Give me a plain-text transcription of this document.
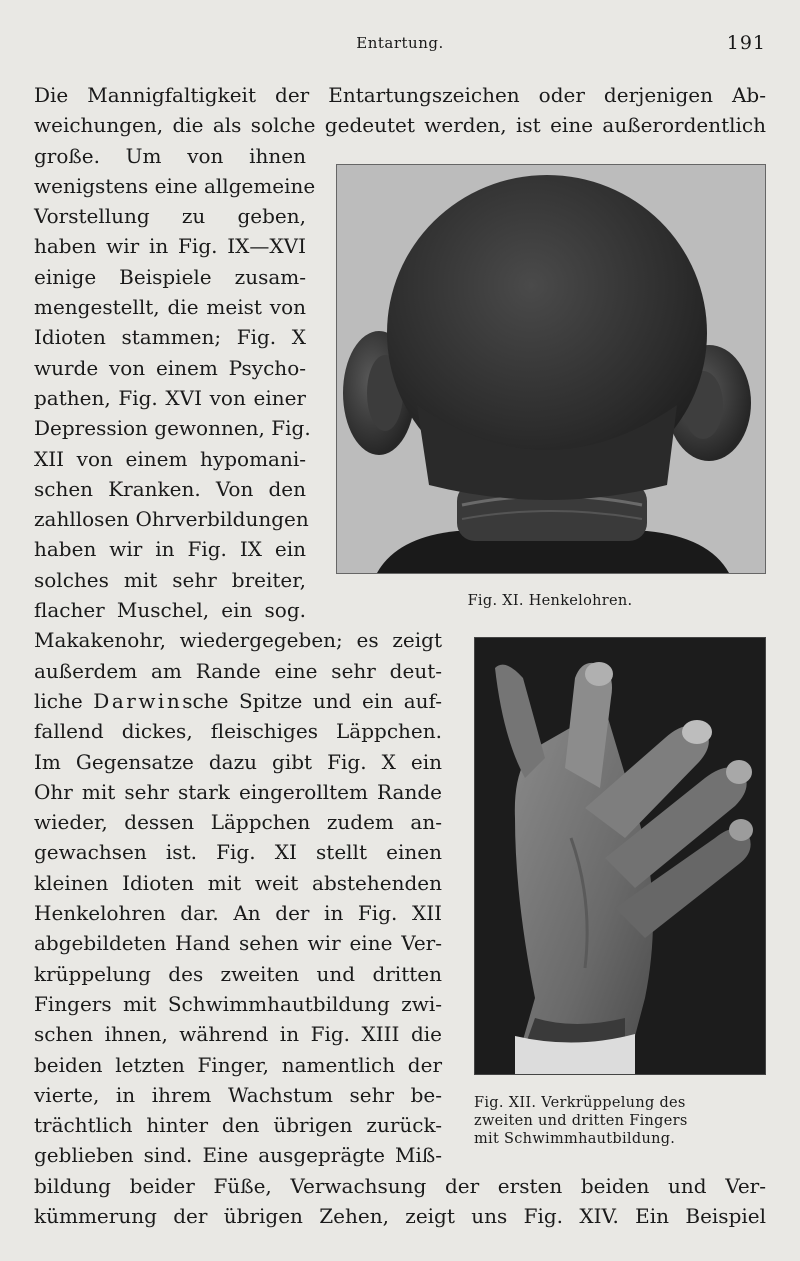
Entartung.	191
Die Mannigfaltigkeit der Entartungszeichen oder derjenigen Ab-
weichungen, die als solche gedeutet werden, ist eine außerordentlich
große. Um von ihnen
wenigstens eine allgemeine
Vorstellung zu geben,
haben wir in Fig. IX—XVI
einige Beispiele zusam-
mengestellt, die meist von
Idioten stammen; Fig. X
wurde von einem Psycho-
pathen, Fig. XVI von einer
Depression gewonnen, Fig.
XII von einem hypomani-
schen Kranken. Von den
zahllosen Ohrverbildungen
haben wir in Fig. IX ein
solches mit sehr breiter,
flacher Muschel, ein sog.
Makakenohr, wiedergegeben; es zeigt
außerdem am Rande eine sehr deut-
liche Darwinsche Spitze und ein auf-
fallend dickes, fleischiges Läppchen.
Im Gegensatze dazu gibt Fig. X ein
Ohr mit sehr stark eingerolltem Rande
wieder, dessen Läppchen zudem an-
gewachsen ist. Fig. XI stellt einen
kleinen Idioten mit weit abstehenden
Henkelohren dar. An der in Fig. XII
abgebildeten Hand sehen wir eine Ver-
krüppelung des zweiten und dritten
Fingers mit Schwimmhautbildung zwi-
schen ihnen, während in Fig. XIII die
beiden letzten Finger, namentlich der
vierte, in ihrem Wachstum sehr be-
trächtlich hinter den übrigen zurück-
geblieben sind. Eine ausgeprägte Miß-
bildung beider Füße, Verwachsung der ersten beiden und Ver-
kümmerung der übrigen Zehen, zeigt uns Fig. XIV. Ein Beispiel
Fig. XI. Henkelohren.
Fig. XII. Verkrüppelung des
zweiten und dritten Fingers
mit Schwimmhautbildung.
